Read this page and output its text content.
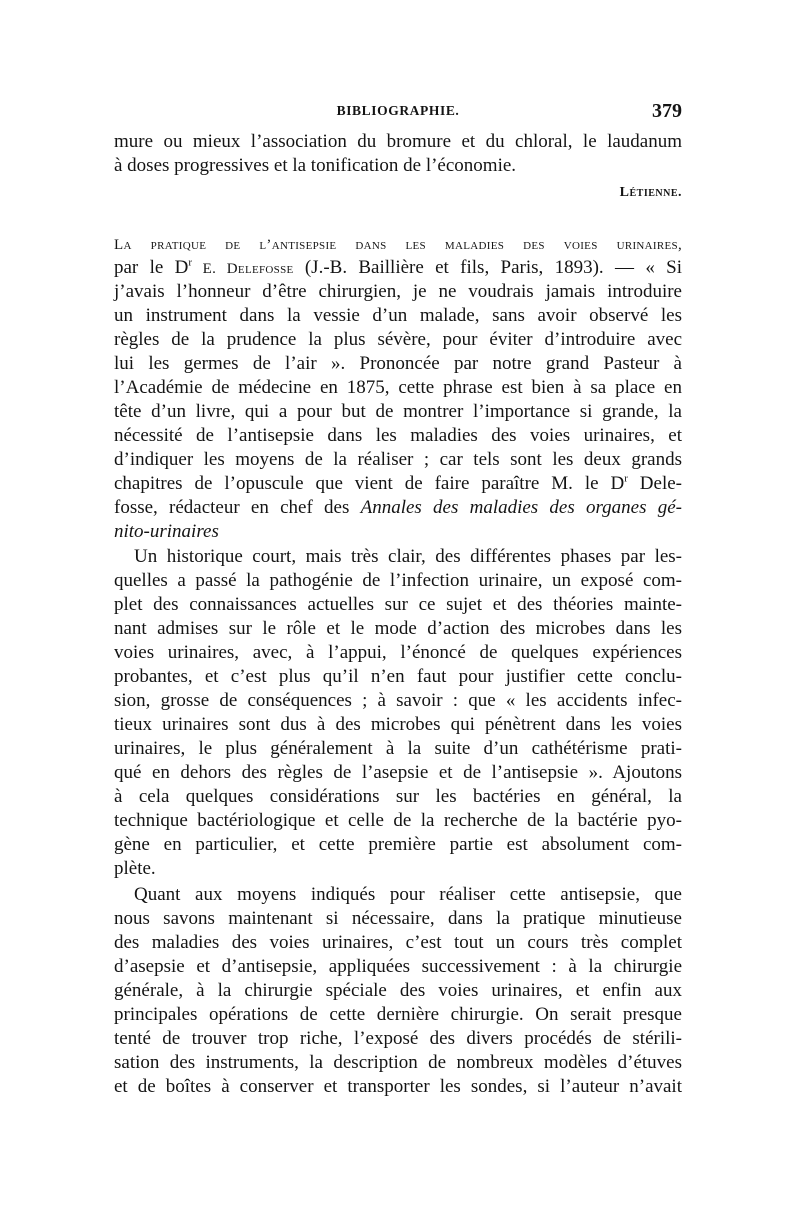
BIBLIOGRAPHIE.	379
mure ou mieux l’association du bromure et du chloral, le laudanum
à doses progressives et la tonification de l’économie.
Létienne.
La pratique de l’antisepsie dans les maladies des voies urinaires,
par le $D^r$ E. Delefosse (J.-B. Baillière et fils, Paris, 1893). — « Si
j’avais l’honneur d’être chirurgien, je ne voudrais jamais introduire
un instrument dans la vessie d’un malade, sans avoir observé les
règles de la prudence la plus sévère, pour éviter d’introduire avec
lui les germes de l’air ». Prononcée par notre grand Pasteur à
l’Académie de médecine en 1875, cette phrase est bien à sa place en
tête d’un livre, qui a pour but de montrer l’importance si grande, la
nécessité de l’antisepsie dans les maladies des voies urinaires, et
d’indiquer les moyens de la réaliser ; car tels sont les deux grands
chapitres de l’opuscule que vient de faire paraître M. le $D^r$ Dele-
fosse, rédacteur en chef des Annales des maladies des organes gé-
nito-urinaires
Un historique court, mais très clair, des différentes phases par les-
quelles a passé la pathogénie de l’infection urinaire, un exposé com-
plet des connaissances actuelles sur ce sujet et des théories mainte-
nant admises sur le rôle et le mode d’action des microbes dans les
voies urinaires, avec, à l’appui, l’énoncé de quelques expériences
probantes, et c’est plus qu’il n’en faut pour justifier cette conclu-
sion, grosse de conséquences ; à savoir : que « les accidents infec-
tieux urinaires sont dus à des microbes qui pénètrent dans les voies
urinaires, le plus généralement à la suite d’un cathétérisme prati-
qué en dehors des règles de l’asepsie et de l’antisepsie ». Ajoutons
à cela quelques considérations sur les bactéries en général, la
technique bactériologique et celle de la recherche de la bactérie pyo-
gène en particulier, et cette première partie est absolument com-
plète.
Quant aux moyens indiqués pour réaliser cette antisepsie, que
nous savons maintenant si nécessaire, dans la pratique minutieuse
des maladies des voies urinaires, c’est tout un cours très complet
d’asepsie et d’antisepsie, appliquées successivement : à la chirurgie
générale, à la chirurgie spéciale des voies urinaires, et enfin aux
principales opérations de cette dernière chirurgie. On serait presque
tenté de trouver trop riche, l’exposé des divers procédés de stérili-
sation des instruments, la description de nombreux modèles d’étuves
et de boîtes à conserver et transporter les sondes, si l’auteur n’avait
